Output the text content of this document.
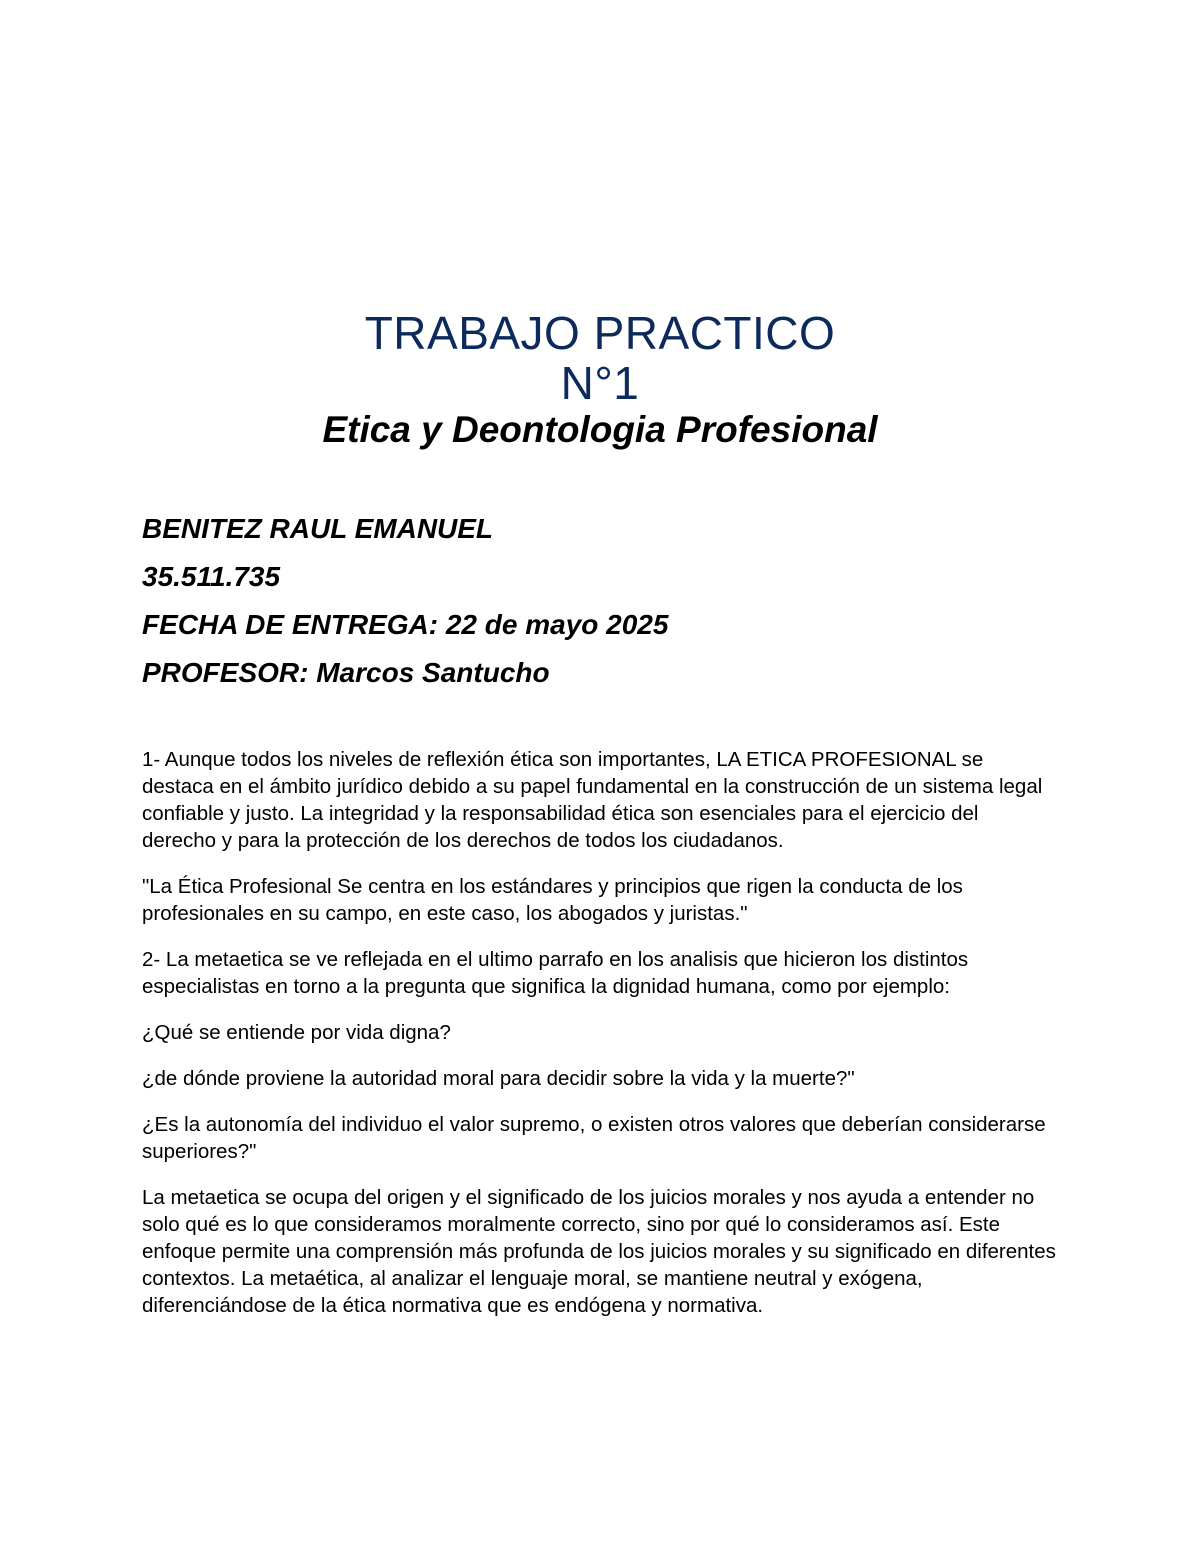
TRABAJO PRACTICO
N°1
Etica y Deontologia Profesional
BENITEZ RAUL EMANUEL
35.511.735
FECHA DE ENTREGA: 22 de mayo 2025
PROFESOR: Marcos Santucho

1- Aunque todos los niveles de reflexión ética son importantes, LA ETICA PROFESIONAL se destaca en el ámbito jurídico debido a su papel fundamental en la construcción de un sistema legal confiable y justo. La integridad y la responsabilidad ética son esenciales para el ejercicio del derecho y para la protección de los derechos de todos los ciudadanos.

"La Ética Profesional Se centra en los estándares y principios que rigen la conducta de los profesionales en su campo, en este caso, los abogados y juristas."

2- La metaetica se ve reflejada en el ultimo parrafo en los analisis que hicieron los distintos especialistas en torno a la pregunta que significa la dignidad humana, como por ejemplo:

¿Qué se entiende por vida digna?

¿de dónde proviene la autoridad moral para decidir sobre la vida y la muerte?"

¿Es la autonomía del individuo el valor supremo, o existen otros valores que deberían considerarse superiores?"

La metaetica se ocupa del origen y el significado de los juicios morales y nos ayuda a entender no solo qué es lo que consideramos moralmente correcto, sino por qué lo consideramos así. Este enfoque permite una comprensión más profunda de los juicios morales y su significado en diferentes contextos. La metaética, al analizar el lenguaje moral, se mantiene neutral y exógena, diferenciándose de la ética normativa que es endógena y normativa.
